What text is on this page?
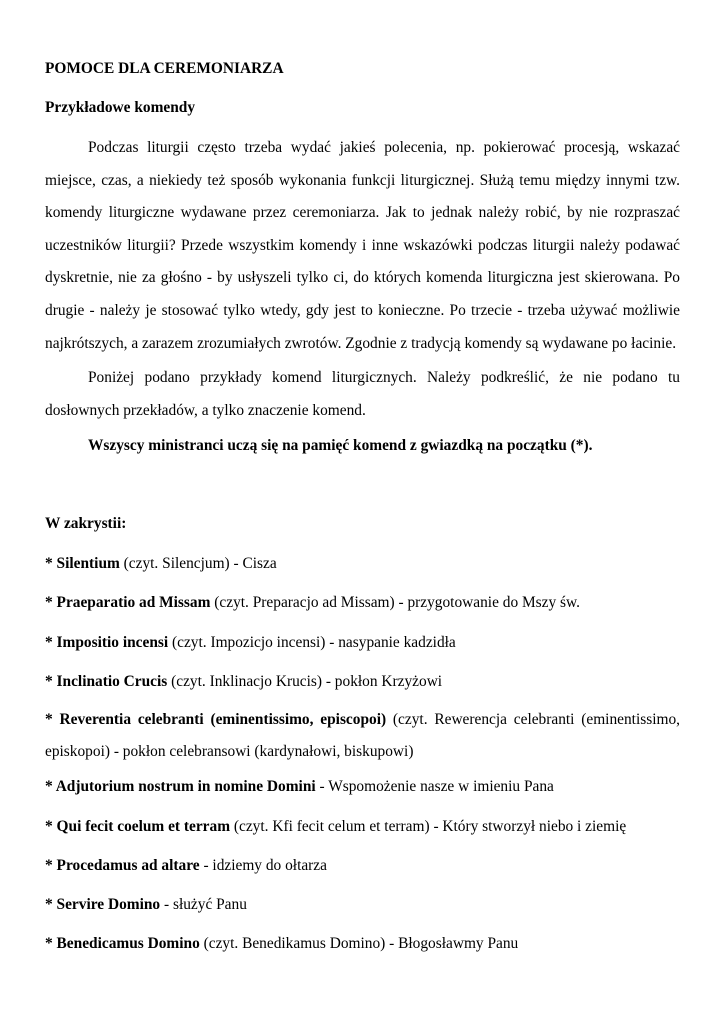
POMOCE DLA CEREMONIARZA
Przykładowe komendy

Podczas liturgii często trzeba wydać jakieś polecenia, np. pokierować procesją, wskazać miejsce, czas, a niekiedy też sposób wykonania funkcji liturgicznej. Służą temu między innymi tzw. komendy liturgiczne wydawane przez ceremoniarza. Jak to jednak należy robić, by nie rozpraszać uczestników liturgii? Przede wszystkim komendy i inne wskazówki podczas liturgii należy podawać dyskretnie, nie za głośno - by usłyszeli tylko ci, do których komenda liturgiczna jest skierowana. Po drugie - należy je stosować tylko wtedy, gdy jest to konieczne. Po trzecie - trzeba używać możliwie najkrótszych, a zarazem zrozumiałych zwrotów. Zgodnie z tradycją komendy są wydawane po łacinie.

Poniżej podano przykłady komend liturgicznych. Należy podkreślić, że nie podano tu dosłownych przekładów, a tylko znaczenie komend.

Wszyscy ministranci uczą się na pamięć komend z gwiazdką na początku (*).

W zakrystii:

* Silentium (czyt. Silencjum) - Cisza

* Praeparatio ad Missam (czyt. Preparacjo ad Missam) - przygotowanie do Mszy św.

* Impositio incensi (czyt. Impozicjo incensi) - nasypanie kadzidła

* Inclinatio Crucis (czyt. Inklinacjo Krucis) - pokłon Krzyżowi

* Reverentia celebranti (eminentissimo, episcopoi) (czyt. Rewerencja celebranti (eminentissimo, episkopoi) - pokłon celebransowi (kardynałowi, biskupowi)

* Adjutorium nostrum in nomine Domini - Wspomożenie nasze w imieniu Pana

* Qui fecit coelum et terram (czyt. Kfi fecit celum et terram) - Który stworzył niebo i ziemię

* Procedamus ad altare - idziemy do ołtarza

* Servire Domino - służyć Panu

* Benedicamus Domino (czyt. Benedikamus Domino) - Błogosławmy Panu
